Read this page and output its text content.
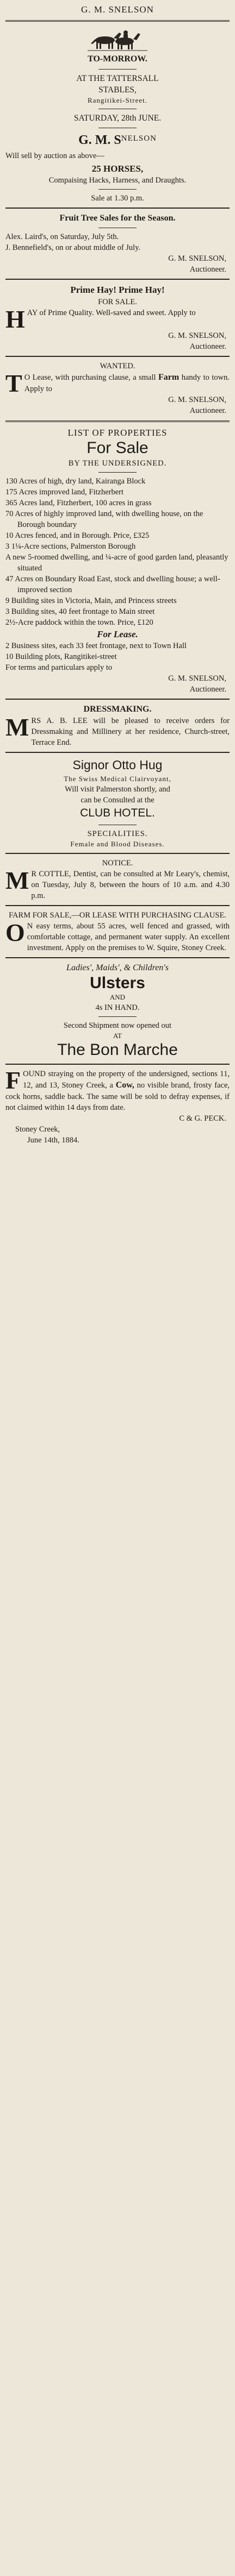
G. M. SNELSON
TO-MORROW.
AT THE TATTERSALL
STABLES,
Rangitikei-Street.
SATURDAY, 28th JUNE.
G. M. SNELSON
Will sell by auction as above—
25 HORSES,
Compaising Hacks, Harness, and Draughts.
Sale at 1.30 p.m.
Fruit Tree Sales for the Season.
Alex. Laird's, on Saturday, July 5th.
J. Bennefield's, on or about middle of July.
G. M. SNELSON,
Auctioneer.
Prime Hay! Prime Hay!
FOR SALE.
HAY of Prime Quality. Well-saved and sweet. Apply to
G. M. SNELSON,
Auctioneer.
WANTED.
T O Lease, with purchasing clause, a small Farm handy to town. Apply to
G. M. SNELSON,
Auctioneer.
LIST OF PROPERTIES
For Sale
BY THE UNDERSIGNED.
130 Acres of high, dry land, Kairanga Block
175 Acres improved land, Fitzherbert
365 Acres land, Fitzherbert, 100 acres in grass
70 Acres of highly improved land, with dwelling house, on the Borough boundary
10 Acres fenced, and in Borough. Price, £325
3 1¼-Acre sections, Palmerston Borough
A new 5-roomed dwelling, and ¼-acre of good garden land, pleasantly situated
47 Acres on Boundary Road East, stock and dwelling house; a well-improved section
9 Building sites in Victoria, Main, and Princess streets
3 Building sites, 40 feet frontage to Main street
2½-Acre paddock within the town. Price, £120
For Lease.
2 Business sites, each 33 feet frontage, next to Town Hall
10 Building plots, Rangitikei-street
For terms and particulars apply to
G. M. SNELSON,
Auctioneer.
DRESSMAKING.
MRS A. B. LEE will be pleased to receive orders for Dressmaking and Millinery at her residence, Church-street, Terrace End.
Signor Otto Hug
The Swiss Medical Clairvoyant,
Will visit Palmerston shortly, and
can be Consulted at the
CLUB HOTEL.
SPECIALITIES.
Female and Blood Diseases.
NOTICE.
M R COTTLE, Dentist, can be consulted at Mr Leary's, chemist, on Tuesday, July 8, between the hours of 10 a.m. and 4.30 p.m.
FARM FOR SALE,—OR LEASE WITH PURCHASING CLAUSE.
O N easy terms, about 55 acres, well fenced and grassed, with comfortable cottage, and permanent water supply. An excellent investment. Apply on the premises to W. Squire, Stoney Creek.
Ladies', Maids', & Children's
Ulsters
AND
4s IN HAND.
Second Shipment now opened out
AT
The Bon Marche
FOUND straying on the property of the undersigned, sections 11, 12, and 13, Stoney Creek, a Cow, no visible brand, frosty face, cock horns, saddle back. The same will be sold to defray expenses, if not claimed within 14 days from date.
C & G. PECK.
Stoney Creek,
June 14th, 1884.
